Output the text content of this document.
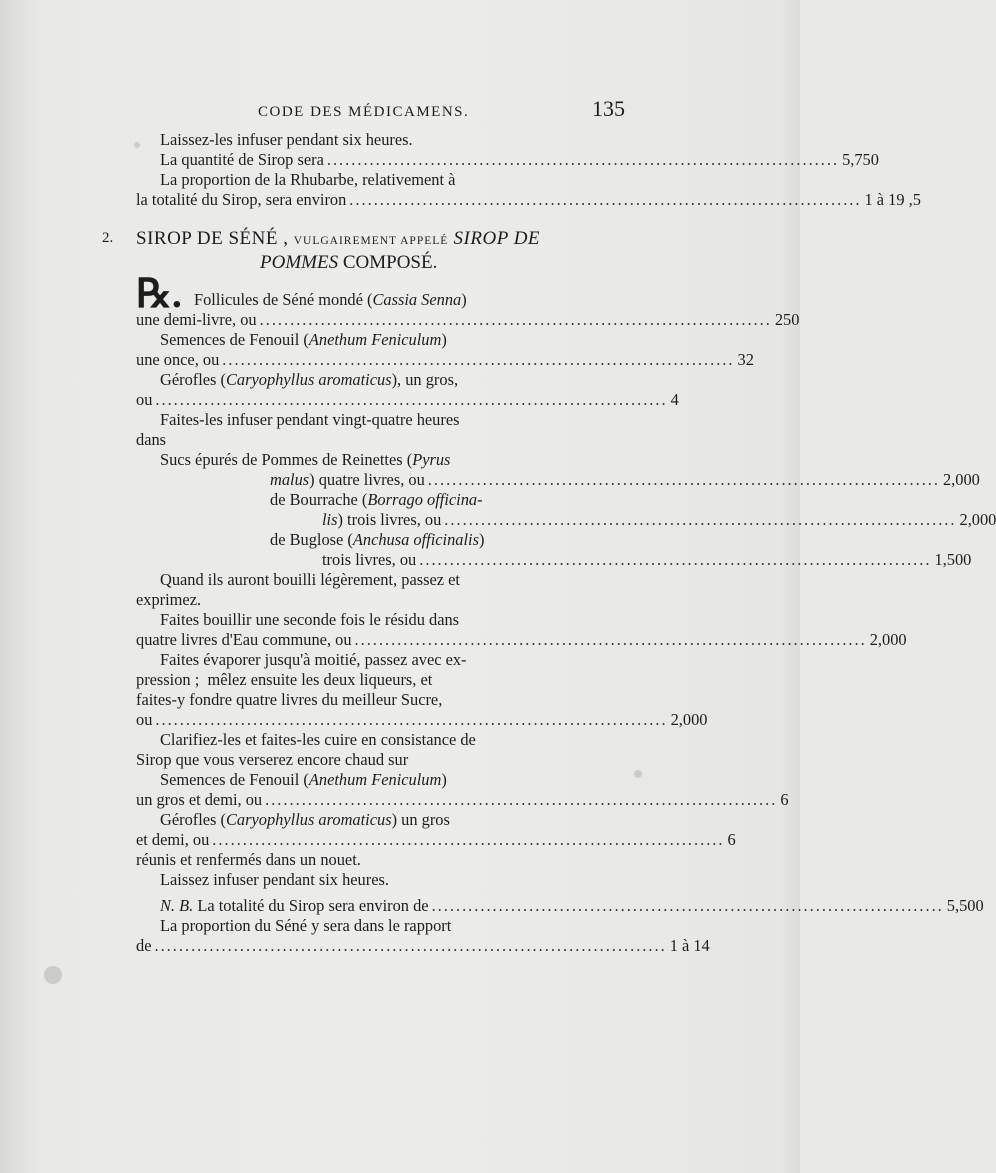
CODE DES MÉDICAMENS.	135
Laissez-les infuser pendant six heures.
La quantité de Sirop sera .................................................................................... 5,750
La proportion de la Rhubarbe, relativement à
la totalité du Sirop, sera environ .................................................................................... 1 à 19 ,5
2. SIROP DE SÉNÉ , VULGAIREMENT APPELÉ SIROP DE
POMMES COMPOSÉ.
℞. Follicules de Séné mondé ( Cassia Senna )
une demi-livre, ou .................................................................................... 250
Semences de Fenouil ( Anethum Feniculum )
une once, ou .................................................................................... 32
Gérofles ( Caryophyllus aromaticus ), un gros,
ou .................................................................................... 4
Faites-les infuser pendant vingt-quatre heures
dans
Sucs épurés de Pommes de Reinettes ( Pyrus
malus ) quatre livres, ou .................................................................................... 2,000
de Bourrache ( Borrago officina-
lis ) trois livres, ou .................................................................................... 2,000
de Buglose ( Anchusa officinalis )
trois livres, ou .................................................................................... 1,500
Quand ils auront bouilli légèrement, passez et
exprimez.
Faites bouillir une seconde fois le résidu dans
quatre livres d'Eau commune, ou .................................................................................... 2,000
Faites évaporer jusqu'à moitié, passez avec ex-
pression ;  mêlez ensuite les deux liqueurs, et
faites-y fondre quatre livres du meilleur Sucre,
ou .................................................................................... 2,000
Clarifiez-les et faites-les cuire en consistance de
Sirop que vous verserez encore chaud sur
Semences de Fenouil ( Anethum Feniculum )
un gros et demi, ou .................................................................................... 6
Gérofles ( Caryophyllus aromaticus ) un gros
et demi, ou .................................................................................... 6
réunis et renfermés dans un nouet.
Laissez infuser pendant six heures.
N. B. La totalité du Sirop sera environ de .................................................................................... 5,500
La proportion du Séné y sera dans le rapport
de .................................................................................... 1 à 14
